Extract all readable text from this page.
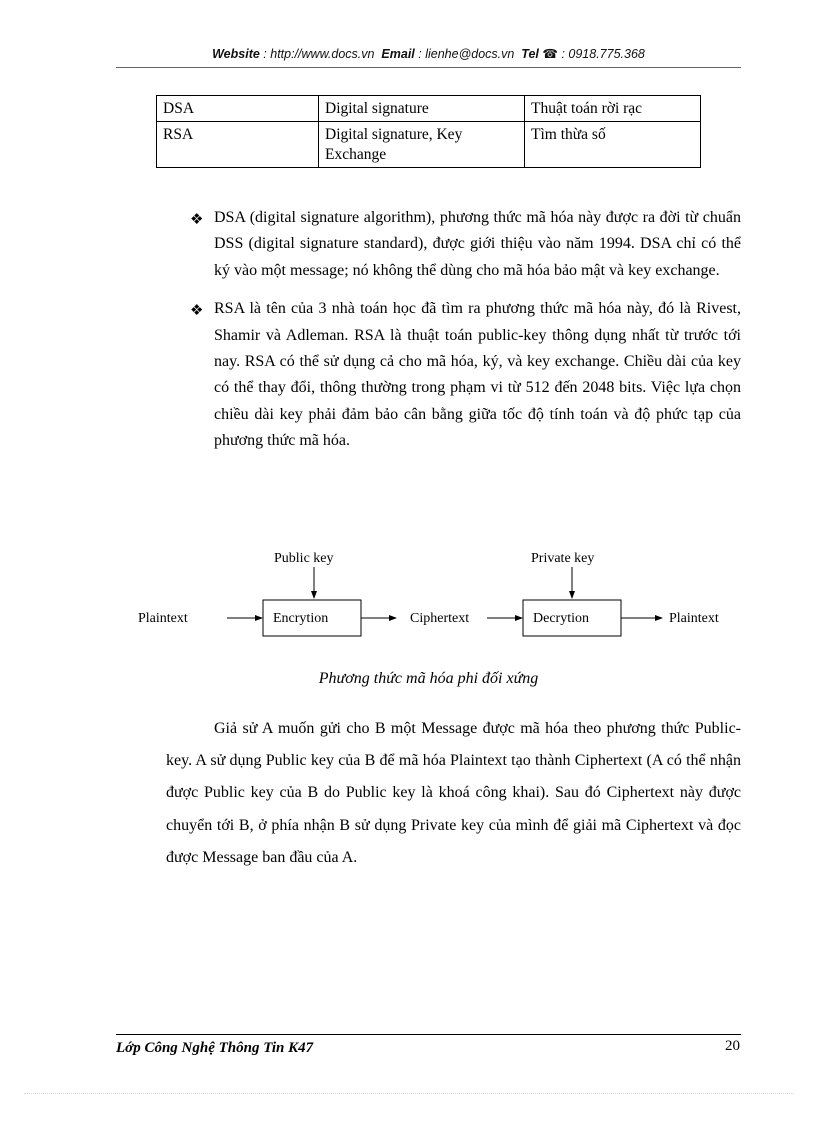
Website : http://www.docs.vn Email : lienhe@docs.vn Tel ☎ : 0918.775.368
DSA	Digital signature	Thuật toán rời rạc
RSA	Digital signature, Key Exchange	Tìm thừa số
❖ DSA (digital signature algorithm), phương thức mã hóa này được ra đời từ chuẩn DSS (digital signature standard), được giới thiệu vào năm 1994. DSA chỉ có thể ký vào một message; nó không thể dùng cho mã hóa bảo mật và key exchange.
❖ RSA là tên của 3 nhà toán học đã tìm ra phương thức mã hóa này, đó là Rivest, Shamir và Adleman. RSA là thuật toán public-key thông dụng nhất từ trước tới nay. RSA có thể sử dụng cả cho mã hóa, ký, và key exchange. Chiều dài của key có thể thay đổi, thông thường trong phạm vi từ 512 đến 2048 bits. Việc lựa chọn chiều dài key phải đảm bảo cân bằng giữa tốc độ tính toán và độ phức tạp của phương thức mã hóa.
Public key	Private key
Plaintext	Encrytion	Ciphertext	Decrytion	Plaintext
Phương thức mã hóa phi đối xứng
Giả sử A muốn gửi cho B một Message được mã hóa theo phương thức Public-key. A sử dụng Public key của B để mã hóa Plaintext tạo thành Ciphertext (A có thể nhận được Public key của B do Public key là khoá công khai). Sau đó Ciphertext này được chuyển tới B, ở phía nhận B sử dụng Private key của mình để giải mã Ciphertext và đọc được Message ban đầu của A.
Lớp Công Nghệ Thông Tin K47	20
